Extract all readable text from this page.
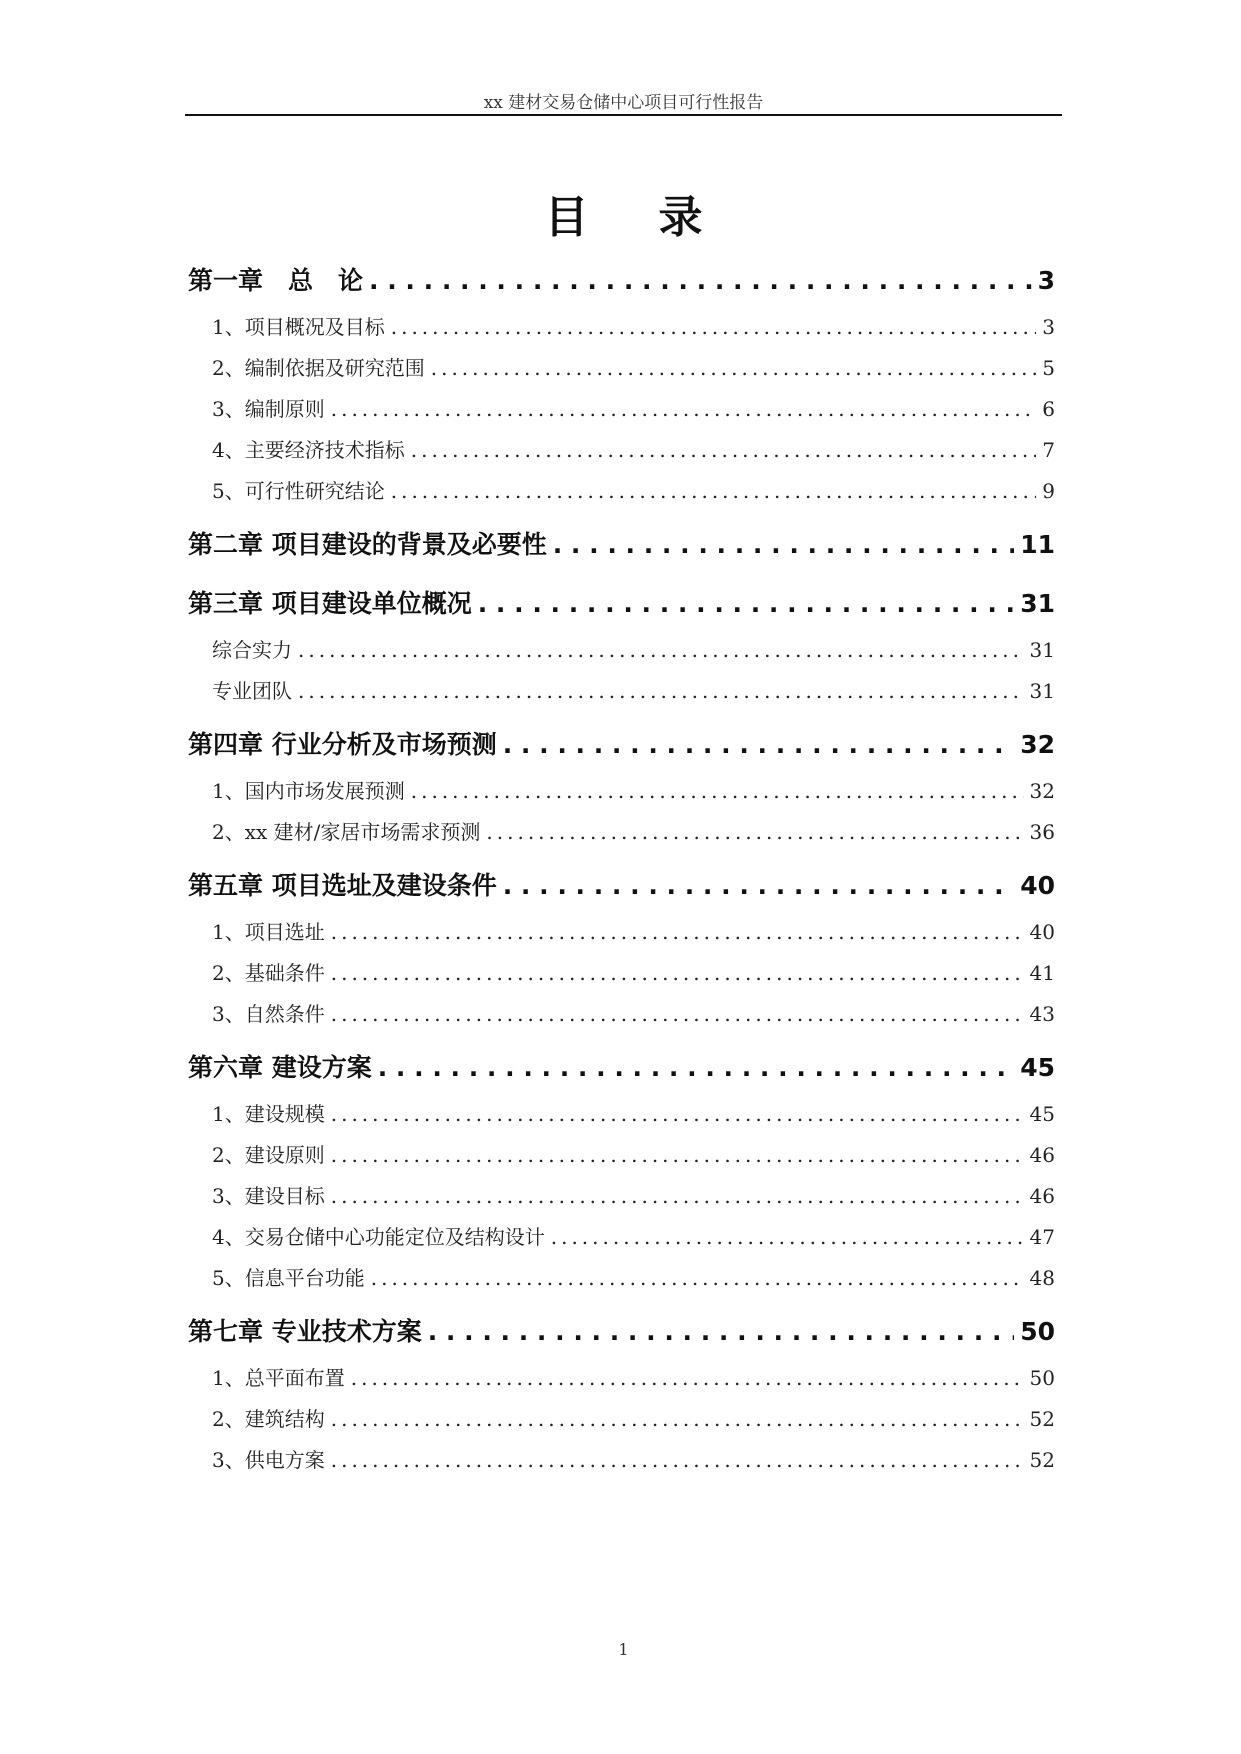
xx 建材交易仓储中心项目可行性报告
目录
第一章　总　论 . . .	3
1、项目概况及目标 .....	3
2、编制依据及研究范围 .....	5
3、编制原则 .....	6
4、主要经济技术指标 .....	7
5、可行性研究结论 .....	9
第二章 项目建设的背景及必要性 . . .	11
第三章 项目建设单位概况 . . .	31
综合实力 .....	31
专业团队 .....	31
第四章 行业分析及市场预测 . . .	32
1、国内市场发展预测 .....	32
2、xx 建材/家居市场需求预测 .....	36
第五章 项目选址及建设条件 . . .	40
1、项目选址 .....	40
2、基础条件 .....	41
3、自然条件 .....	43
第六章 建设方案 . . .	45
1、建设规模 .....	45
2、建设原则 .....	46
3、建设目标 .....	46
4、交易仓储中心功能定位及结构设计 .....	47
5、信息平台功能 .....	48
第七章 专业技术方案 . . .	50
1、总平面布置 .....	50
2、建筑结构 .....	52
3、供电方案 .....	52
1
